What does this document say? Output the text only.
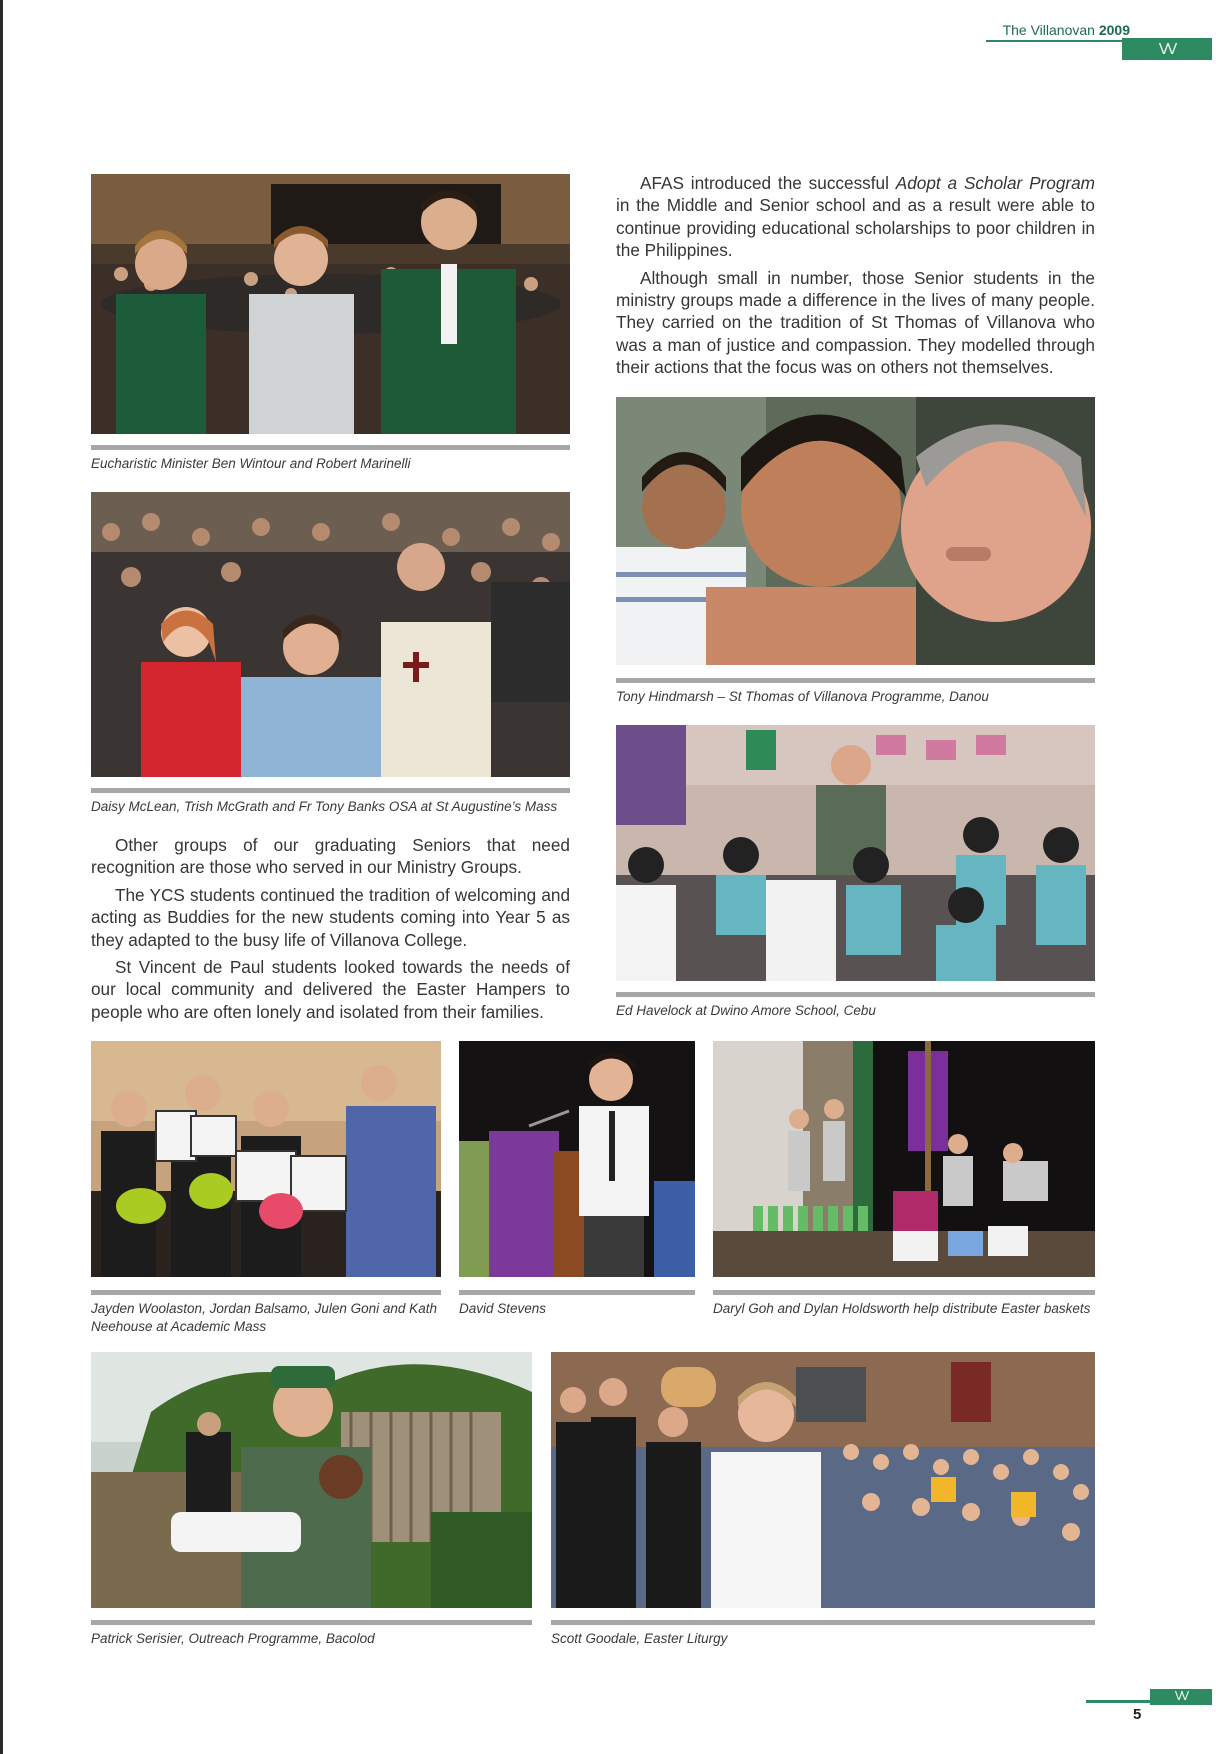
The Villanovan 2009
VV
Eucharistic Minister Ben Wintour and Robert Marinelli
Daisy McLean, Trish McGrath and Fr Tony Banks OSA at St Augustine’s Mass

Other groups of our graduating Seniors that need recognition are those who served in our Ministry Groups.

The YCS students continued the tradition of welcoming and acting as Buddies for the new students coming into Year 5 as they adapted to the busy life of Villanova College.

St Vincent de Paul students looked towards the needs of our local community and delivered the Easter Hampers to people who are often lonely and isolated from their families.

AFAS introduced the successful Adopt a Scholar Program in the Middle and Senior school and as a result were able to continue providing educational scholarships to poor children in the Philippines.

Although small in number, those Senior students in the ministry groups made a difference in the lives of many people. They carried on the tradition of St Thomas of Villanova who was a man of justice and compassion. They modelled through their actions that the focus was on others not themselves.

Tony Hindmarsh – St Thomas of Villanova Programme, Danou
Ed Havelock at Dwino Amore School, Cebu
Jayden Woolaston, Jordan Balsamo, Julen Goni and Kath Neehouse at Academic Mass
David Stevens	Daryl Goh and Dylan Holdsworth help distribute Easter baskets
Patrick Serisier, Outreach Programme, Bacolod	Scott Goodale, Easter Liturgy
VV
5
